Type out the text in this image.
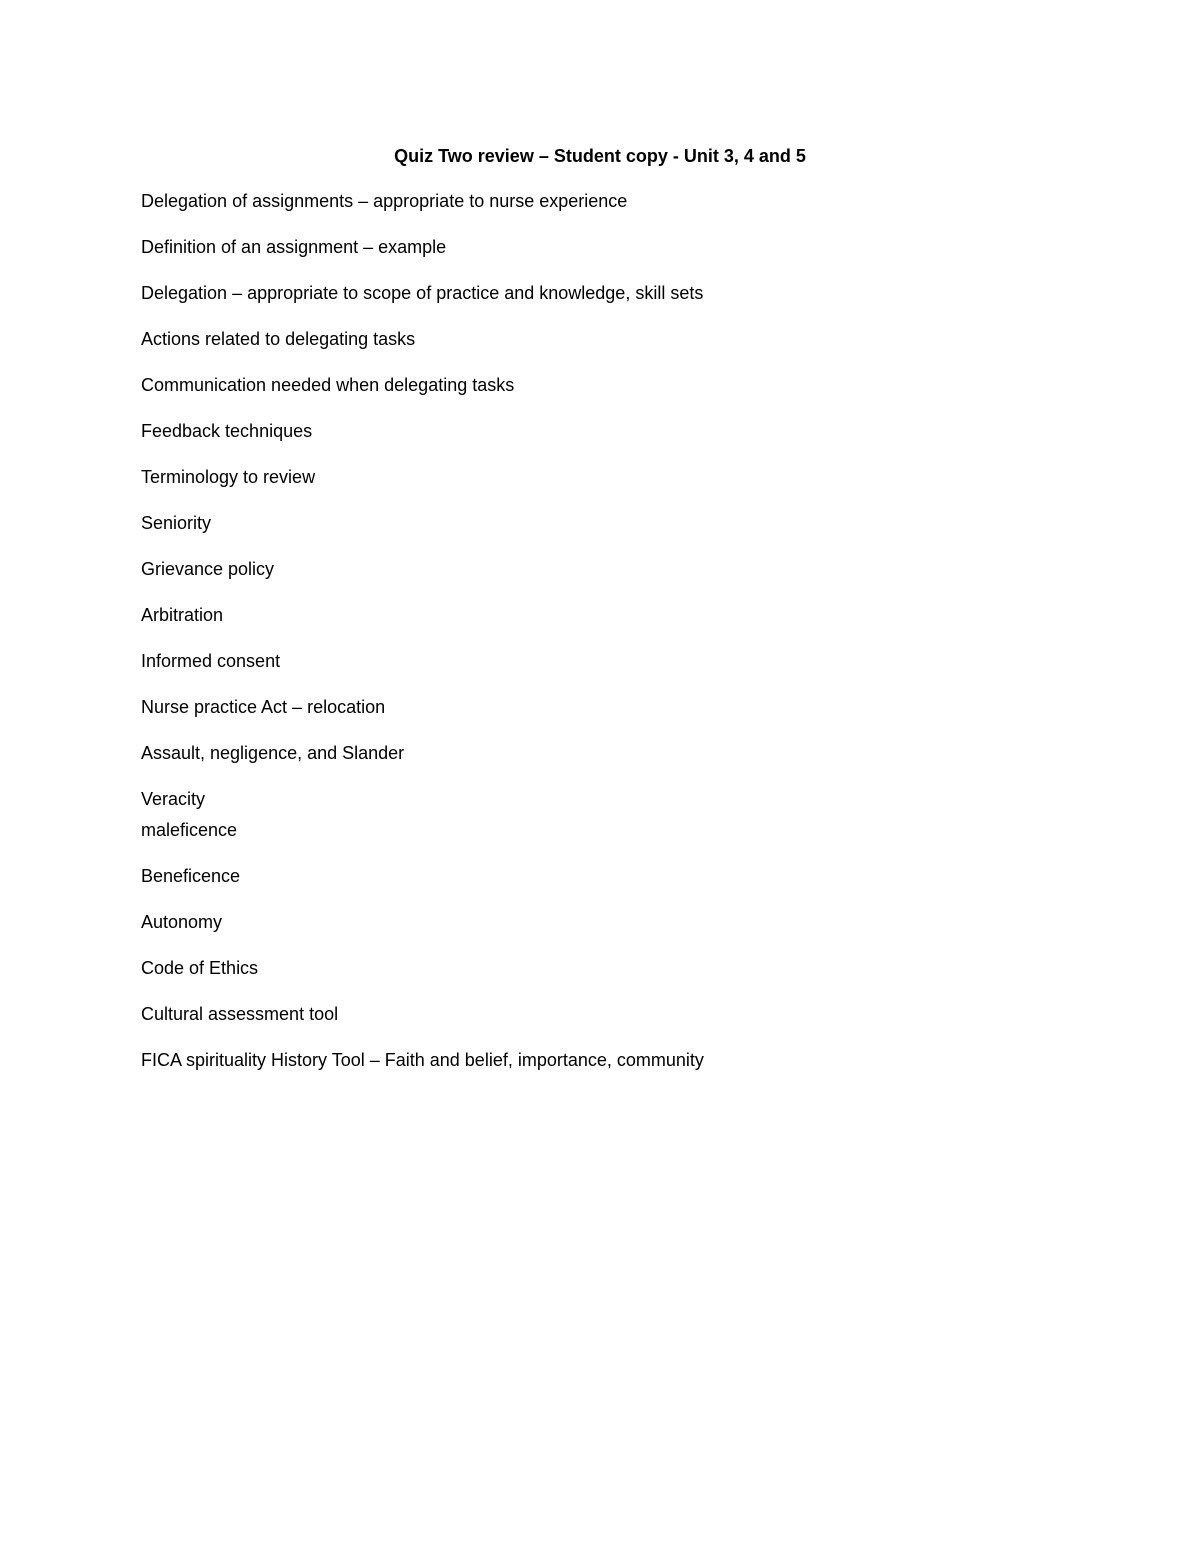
Quiz Two review – Student copy - Unit 3, 4 and 5
Delegation of assignments – appropriate to nurse experience
Definition of an assignment – example
Delegation – appropriate to scope of practice and knowledge, skill sets
Actions related to delegating tasks
Communication needed when delegating tasks
Feedback techniques
Terminology to review
Seniority
Grievance policy
Arbitration
Informed consent
Nurse practice Act – relocation
Assault, negligence, and Slander
Veracity
maleficence
Beneficence
Autonomy
Code of Ethics
Cultural assessment tool
FICA spirituality History Tool – Faith and belief, importance, community
